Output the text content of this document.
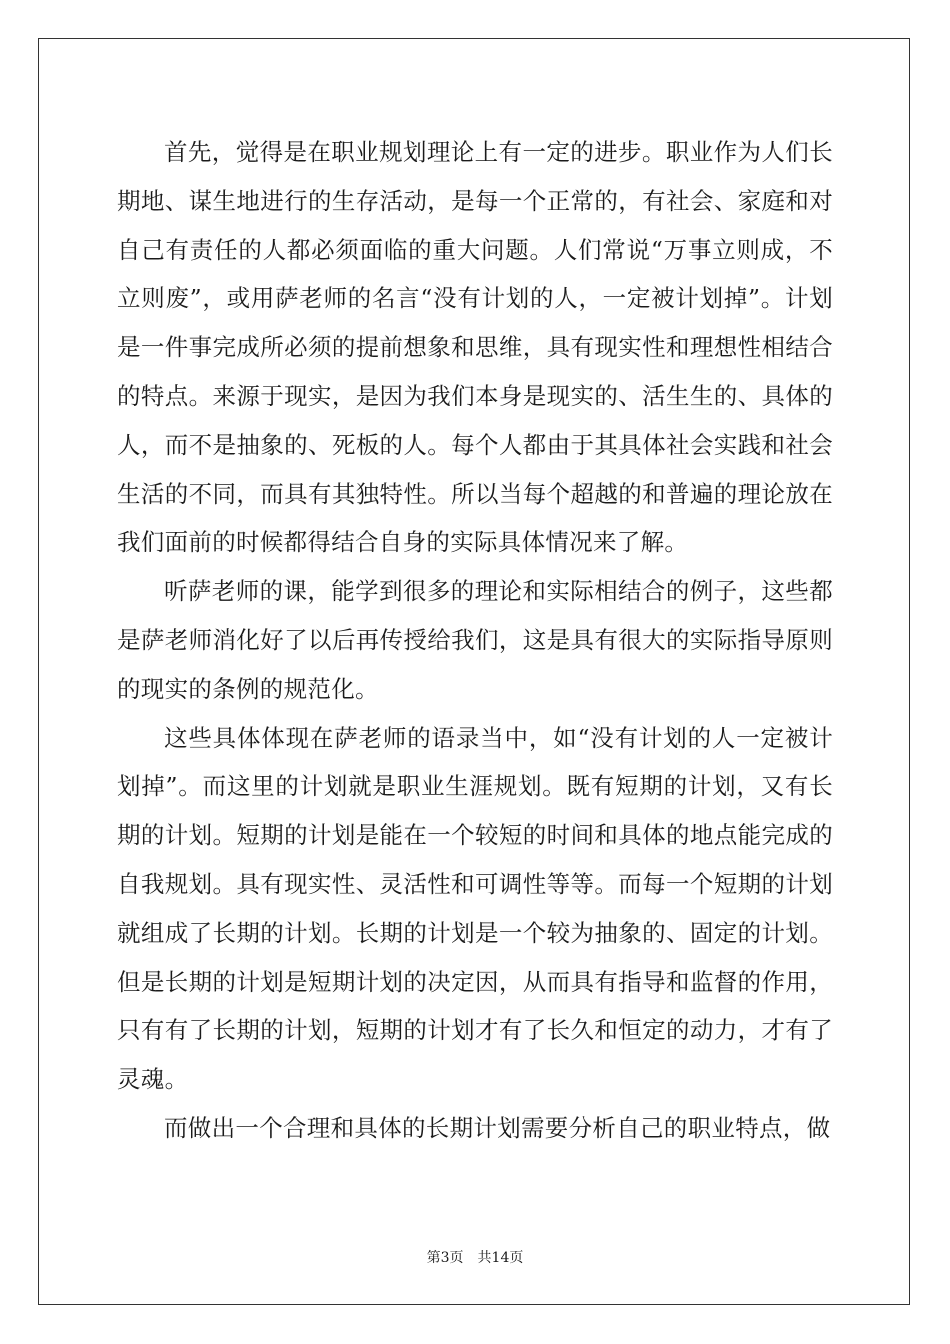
首先，觉得是在职业规划理论上有一定的进步。职业作为人们长期地、谋生地进行的生存活动，是每一个正常的，有社会、家庭和对自己有责任的人都必须面临的重大问题。人们常说“万事立则成，不立则废”，或用萨老师的名言“没有计划的人，一定被计划掉”。计划是一件事完成所必须的提前想象和思维，具有现实性和理想性相结合的特点。来源于现实，是因为我们本身是现实的、活生生的、具体的人，而不是抽象的、死板的人。每个人都由于其具体社会实践和社会生活的不同，而具有其独特性。所以当每个超越的和普遍的理论放在我们面前的时候都得结合自身的实际具体情况来了解。

听萨老师的课，能学到很多的理论和实际相结合的例子，这些都是萨老师消化好了以后再传授给我们，这是具有很大的实际指导原则的现实的条例的规范化。

这些具体体现在萨老师的语录当中，如“没有计划的人一定被计划掉”。而这里的计划就是职业生涯规划。既有短期的计划，又有长期的计划。短期的计划是能在一个较短的时间和具体的地点能完成的自我规划。具有现实性、灵活性和可调性等等。而每一个短期的计划就组成了长期的计划。长期的计划是一个较为抽象的、固定的计划。但是长期的计划是短期计划的决定因，从而具有指导和监督的作用，只有有了长期的计划，短期的计划才有了长久和恒定的动力，才有了灵魂。

而做出一个合理和具体的长期计划需要分析自己的职业特点，做

第3页 共14页
